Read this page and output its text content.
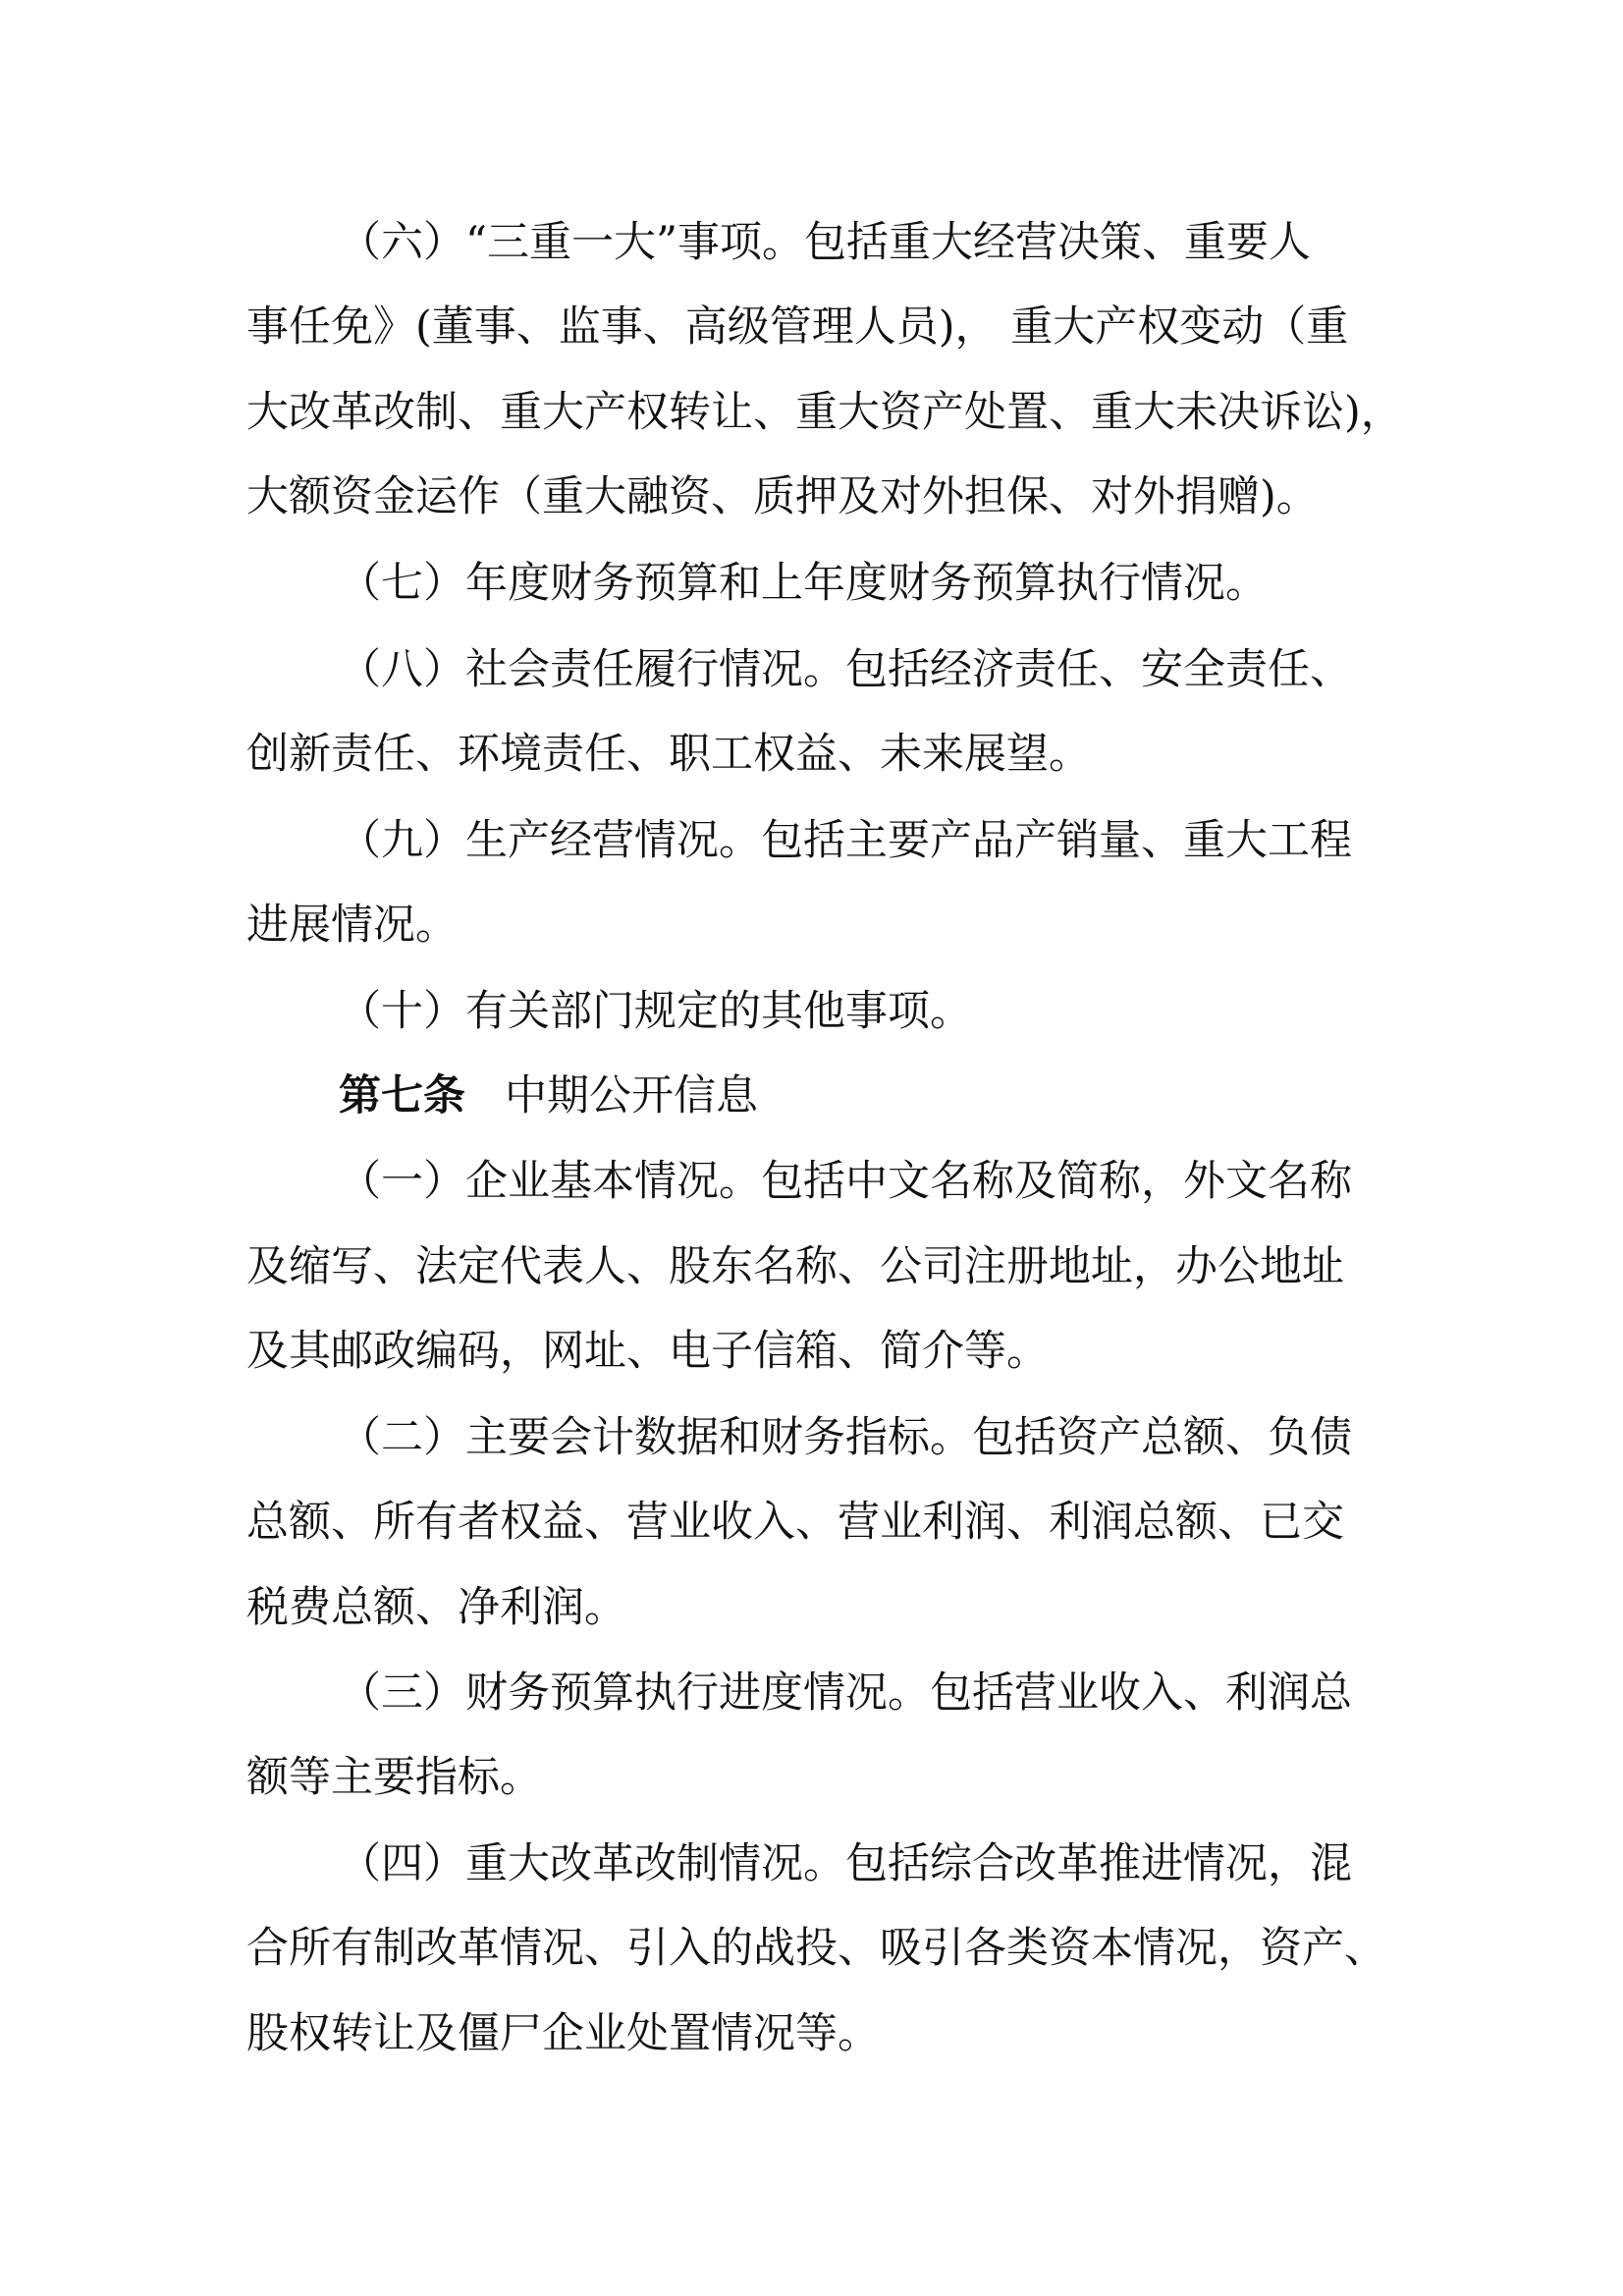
（六）“三重一大”事项。包括重大经营决策、重要人
事任免》(董事、监事、高级管理人员)， 重大产权变动（重
大改革改制、重大产权转让、重大资产处置、重大未决诉讼)，
大额资金运作（重大融资、质押及对外担保、对外捐赠)。
（七）年度财务预算和上年度财务预算执行情况。
（八）社会责任履行情况。包括经济责任、安全责任、
创新责任、环境责任、职工权益、未来展望。
（九）生产经营情况。包括主要产品产销量、重大工程
进展情况。
（十）有关部门规定的其他事项。
第七条 中期公开信息
（一）企业基本情况。包括中文名称及简称，外文名称
及缩写、法定代表人、股东名称、公司注册地址，办公地址
及其邮政编码，网址、电子信箱、简介等。
（二）主要会计数据和财务指标。包括资产总额、负债
总额、所有者权益、营业收入、营业利润、利润总额、已交
税费总额、净利润。
（三）财务预算执行进度情况。包括营业收入、利润总
额等主要指标。
（四）重大改革改制情况。包括综合改革推进情况，混
合所有制改革情况、引入的战投、吸引各类资本情况，资产、
股权转让及僵尸企业处置情况等。
